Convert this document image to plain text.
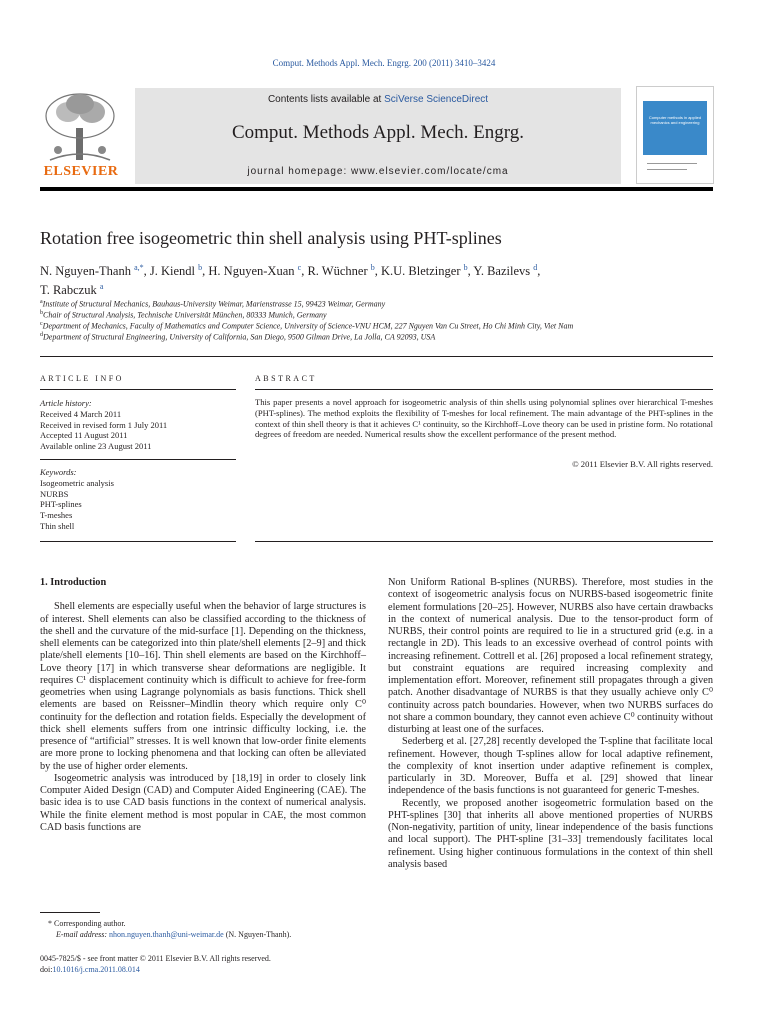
Comput. Methods Appl. Mech. Engrg. 200 (2011) 3410–3424
ELSEVIER
Contents lists available at SciVerse ScienceDirect
Comput. Methods Appl. Mech. Engrg.
journal homepage: www.elsevier.com/locate/cma
Computer methods in applied mechanics and engineering
Rotation free isogeometric thin shell analysis using PHT-splines
N. Nguyen-Thanh $^{a,*}$, J. Kiendl $^b$, H. Nguyen-Xuan $^c$, R. Wüchner $^b$, K.U. Bletzinger $^b$, Y. Bazilevs $^d$,
T. Rabczuk $^a$
$^a$Institute of Structural Mechanics, Bauhaus-University Weimar, Marienstrasse 15, 99423 Weimar, Germany
$^b$Chair of Structural Analysis, Technische Universität München, 80333 Munich, Germany
$^c$Department of Mechanics, Faculty of Mathematics and Computer Science, University of Science-VNU HCM, 227 Nguyen Van Cu Street, Ho Chi Minh City, Viet Nam
$^d$Department of Structural Engineering, University of California, San Diego, 9500 Gilman Drive, La Jolla, CA 92093, USA
ARTICLE INFO
Article history:
Received 4 March 2011
Received in revised form 1 July 2011
Accepted 11 August 2011
Available online 23 August 2011
Keywords:
Isogeometric analysis
NURBS
PHT-splines
T-meshes
Thin shell
ABSTRACT
This paper presents a novel approach for isogeometric analysis of thin shells using polynomial splines over hierarchical T-meshes (PHT-splines). The method exploits the flexibility of T-meshes for local refinement. The main advantage of the PHT-splines in the context of thin shell theory is that it achieves C¹ continuity, so the Kirchhoff–Love theory can be used in pristine form. No rotational degrees of freedom are needed. Numerical results show the excellent performance of the present method.
© 2011 Elsevier B.V. All rights reserved.

1. Introduction

Shell elements are especially useful when the behavior of large structures is of interest. Shell elements can also be classified according to the thickness of the shell and the curvature of the mid-surface [1]. Depending on the thickness, shell elements can be categorized into thin plate/shell elements [2–9] and thick plate/shell elements [10–16]. Thin shell elements are based on the Kirchhoff–Love theory [17] in which transverse shear deformations are negligible. It requires C¹ displacement continuity which is difficult to achieve for free-form geometries when using Lagrange polynomials as basis functions. Thick shell elements are based on Reissner–Mindlin theory which require only C⁰ continuity for the deflection and rotation fields. Especially the development of thick shell elements suffers from one intrinsic difficulty locking, i.e. the presence of “artificial” stresses. It is well known that low-order finite elements are more prone to locking phenomena and that locking can often be alleviated by the use of higher order elements.

Isogeometric analysis was introduced by [18,19] in order to closely link Computer Aided Design (CAD) and Computer Aided Engineering (CAE). The basic idea is to use CAD basis functions in the context of numerical analysis. While the finite element method is most popular in CAE, the most common CAD basis functions are

Non Uniform Rational B-splines (NURBS). Therefore, most studies in the context of isogeometric analysis focus on NURBS-based isogeometric finite element formulations [20–25]. However, NURBS also have certain drawbacks in the context of numerical analysis. Due to the tensor-product form of NURBS, their control points are required to lie in a structured grid (e.g. in a rectangle in 2D). This leads to an excessive overhead of control points with increasing refinement. Cottrell et al. [26] proposed a local refinement strategy, but constraint equations are required increasing complexity and implementation effort. Moreover, refinement still propagates through a given patch. Another disadvantage of NURBS is that they usually achieve only C⁰ continuity across patch boundaries. However, when two NURBS surfaces do not share a common boundary, they cannot even achieve C⁰ continuity without disturbing at least one of the surfaces.

Sederberg et al. [27,28] recently developed the T-spline that facilitate local refinement. However, though T-splines allow for local adaptive refinement, the complexity of knot insertion under adaptive refinement is complex, particularly in 3D. Moreover, Buffa et al. [29] showed that linear independence of the basis functions is not guaranteed for generic T-meshes.

Recently, we proposed another isogeometric formulation based on the PHT-splines [30] that inherits all above mentioned properties of NURBS (Non-negativity, partition of unity, linear independence of the basis functions and local support). The PHT-spline [31–33] tremendously facilitates local refinement. Using higher continuous formulations in the context of thin shell analysis based

* Corresponding author.
E-mail address: nhon.nguyen.thanh@uni-weimar.de (N. Nguyen-Thanh).
0045-7825/$ - see front matter © 2011 Elsevier B.V. All rights reserved.
doi:10.1016/j.cma.2011.08.014
